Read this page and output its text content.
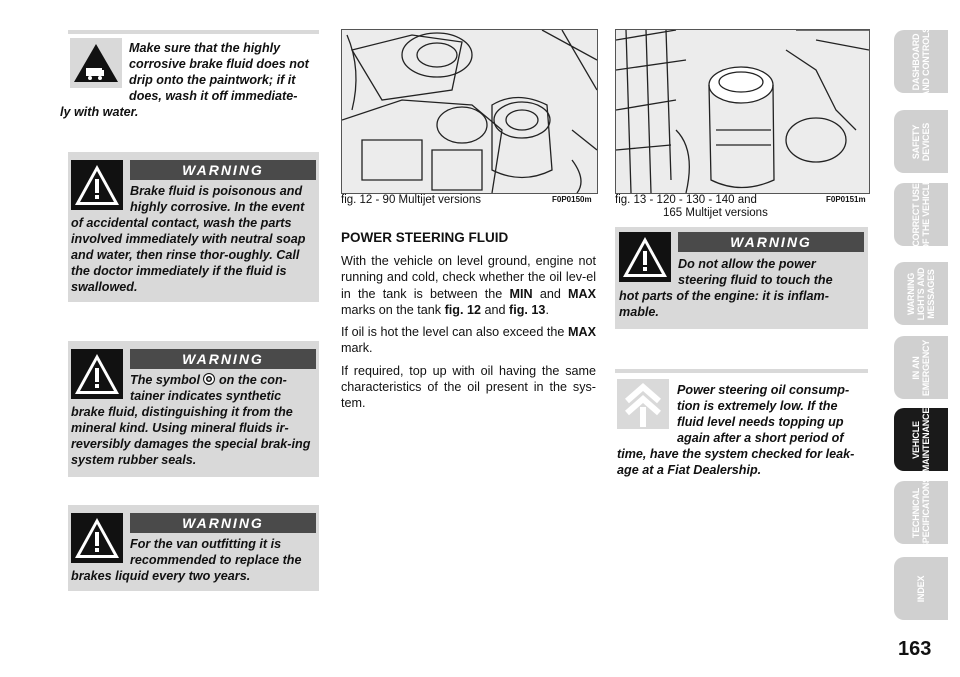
Make sure that the highly
corrosive brake fluid does not
drip onto the paintwork; if it
does, wash it off immediate-
ly with water.
WARNING
Brake fluid is poisonous and
highly corrosive. In the event
of accidental contact, wash the parts involved immediately with neutral soap and water, then rinse thor-oughly. Call the doctor immediately if the fluid is swallowed.
WARNING
The symbol on the con-
tainer indicates synthetic
brake fluid, distinguishing it from the mineral kind. Using mineral fluids ir-reversibly damages the special brak-ing system rubber seals.
WARNING
For the van outfitting it is
recommended to replace the
brakes liquid every two years.
fig. 12 - 90 Multijet versions	F0P0150m
POWER STEERING FLUID

With the vehicle on level ground, engine not running and cold, check whether the oil lev-el in the tank is between the MIN and MAX marks on the tank fig. 12 and fig. 13.

If oil is hot the level can also exceed the MAX mark.

If required, top up with oil having the same characteristics of the oil present in the sys-tem.

fig. 13 - 120 - 130 - 140 and
165 Multijet versions
F0P0151m
WARNING
Do not allow the power
steering fluid to touch the
hot parts of the engine: it is inflam-mable.
Power steering oil consump-
tion is extremely low. If the
fluid level needs topping up
again after a short period of
time, have the system checked for leak-age at a Fiat Dealership.
DASHBOARD AND CONTROLS
SAFETY DEVICES
CORRECT USE OF THE VEHICLE
WARNING LIGHTS AND MESSAGES
IN AN EMERGENCY
VEHICLE MAINTENANCE
TECHNICAL SPECIFICATIONS
INDEX
163
